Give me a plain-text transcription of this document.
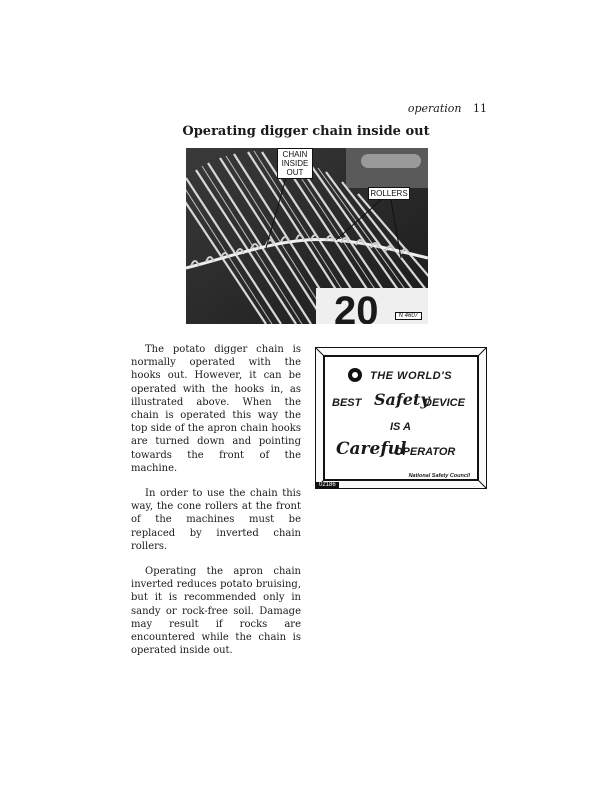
operation 11
Operating digger chain inside out
20
CHAIN
INSIDE
OUT
ROLLERS
N 4607

The potato digger chain is normally operated with the hooks out. However, it can be operated with the hooks in, as illustrated above. When the chain is operated this way the top side of the apron chain hooks are turned down and pointing towards the front of the machine.

In order to use the chain this way, the cone rollers at the front of the machines must be replaced by inverted chain rollers.

Operating the apron chain inverted reduces potato bruising, but it is recommended only in sandy or rock-free soil. Damage may result if rocks are encountered while the chain is operated inside out.

THE WORLD'S
BEST Safety
DEVICE
IS A
Careful
OPERATOR
National Safety Council
02186
